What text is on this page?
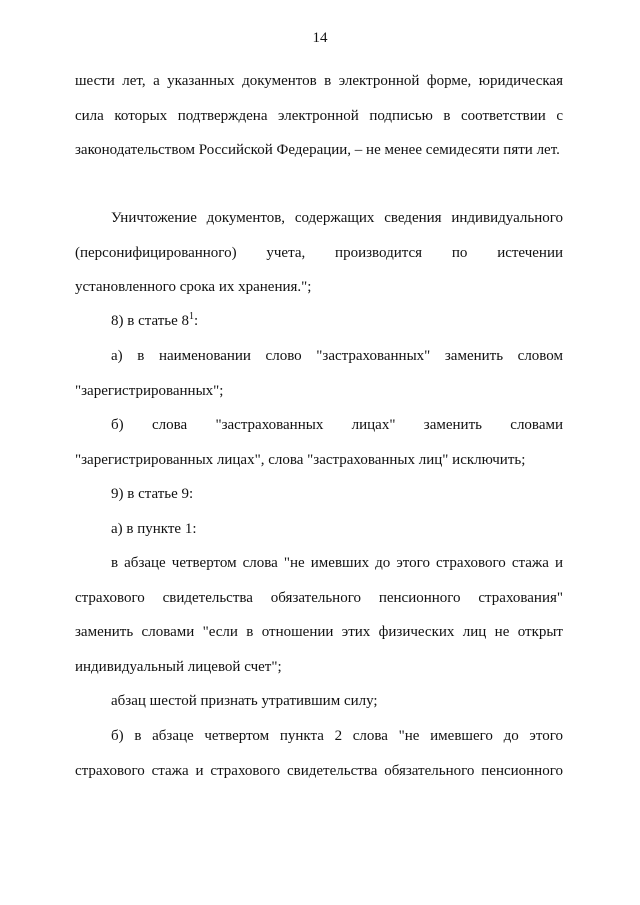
14

шести лет, а указанных документов в электронной форме, юридическая сила которых подтверждена электронной подписью в соответствии с законодательством Российской Федерации, – не менее семидесяти пяти лет.

Уничтожение документов, содержащих сведения индивидуального (персонифицированного) учета, производится по истечении установленного срока их хранения.";

8) в статье $8^1$:

а) в наименовании слово "застрахованных" заменить словом "зарегистрированных";

б) слова "застрахованных лицах" заменить словами "зарегистрированных лицах", слова "застрахованных лиц" исключить;

9) в статье 9:

а) в пункте 1:

в абзаце четвертом слова "не имевших до этого страхового стажа и страхового свидетельства обязательного пенсионного страхования" заменить словами "если в отношении этих физических лиц не открыт индивидуальный лицевой счет";

абзац шестой признать утратившим силу;

б) в абзаце четвертом пункта 2 слова "не имевшего до этого страхового стажа и страхового свидетельства обязательного пенсионного
